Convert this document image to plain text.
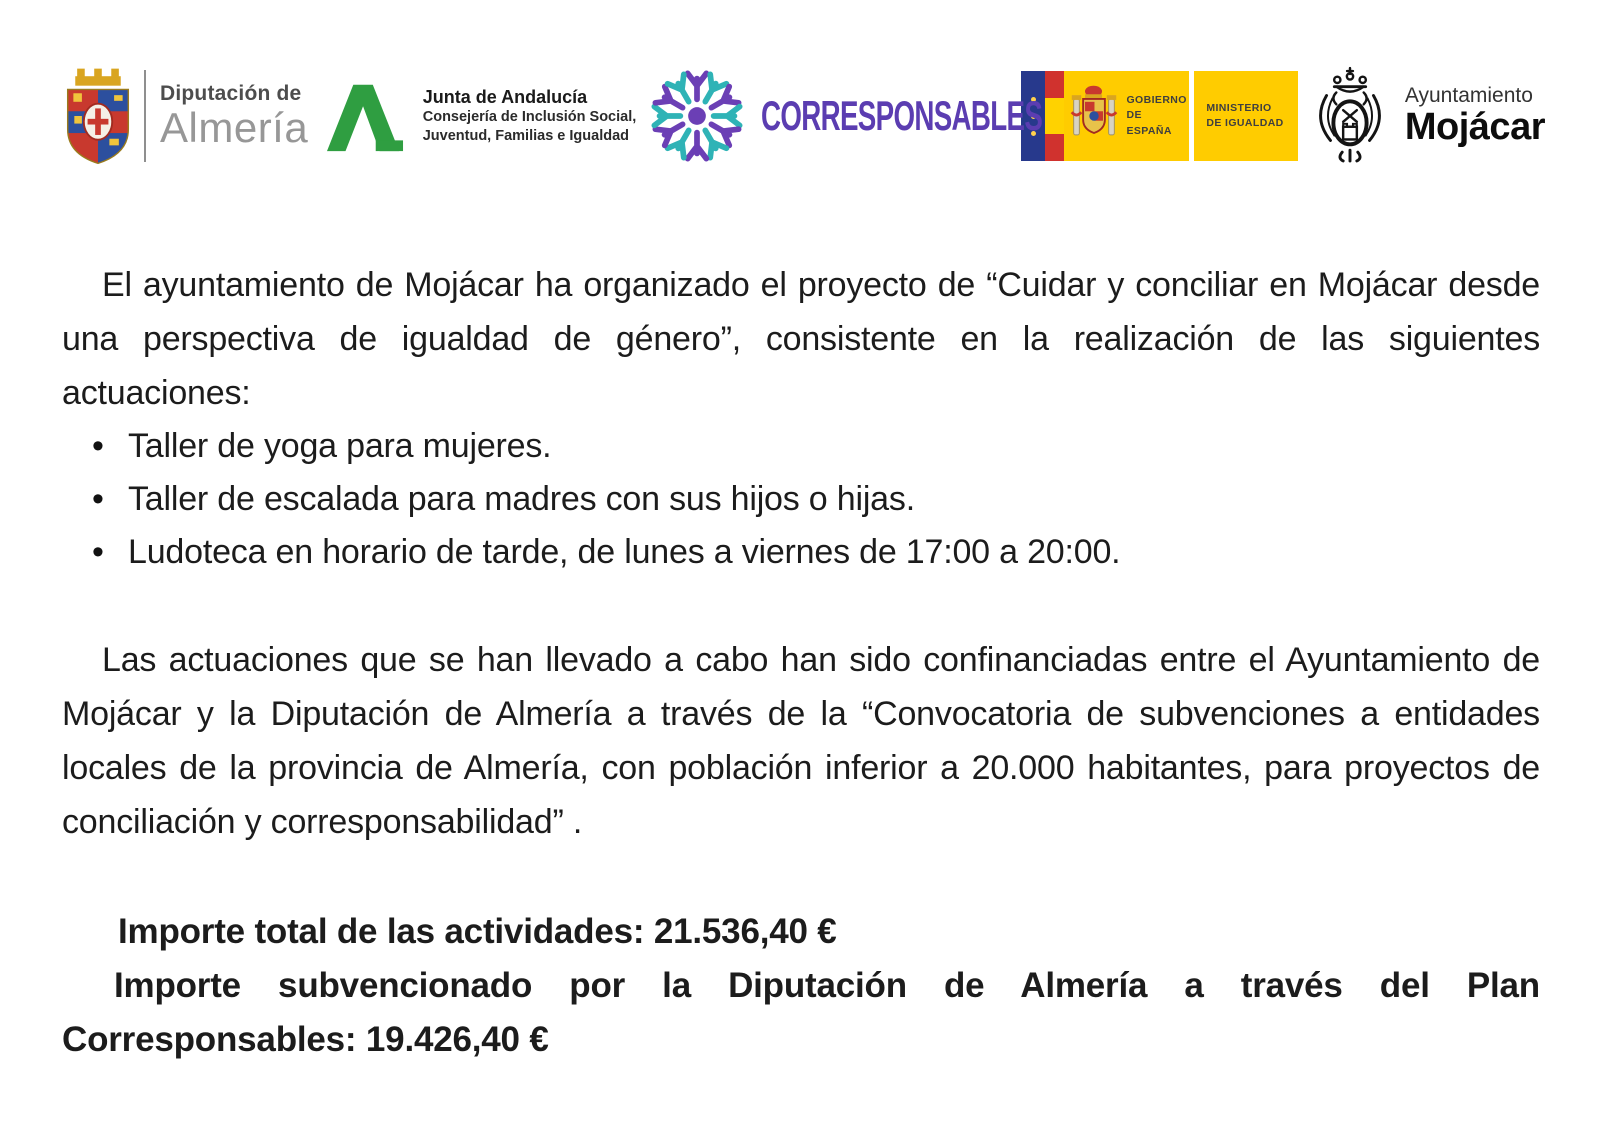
Diputación de
Almería
Junta de Andalucía
Consejería de Inclusión Social,
Juventud, Familias e Igualdad	CORRESPONSABLES	GOBIERNO
DE ESPAÑA
MINISTERIO
DE IGUALDAD
Ayuntamiento
Mojácar

El ayuntamiento de Mojácar ha organizado el proyecto de “Cuidar y conciliar en Mojácar desde una perspectiva de igualdad de género”, consistente en la realización de las siguientes actuaciones:

• Taller de yoga para mujeres.
• Taller de escalada para madres con sus hijos o hijas.
• Ludoteca en horario de tarde, de lunes a viernes de 17:00 a 20:00.

Las actuaciones que se han llevado a cabo han sido confinanciadas entre el Ayuntamiento de Mojácar y la Diputación de Almería a través de la “Convocatoria de subvenciones a entidades locales de la provincia de Almería, con población inferior a 20.000 habitantes, para proyectos de conciliación y corresponsabilidad” .

Importe total de las actividades: 21.536,40 €

Importe subvencionado por la Diputación de Almería a través del Plan Corresponsables: 19.426,40 €
